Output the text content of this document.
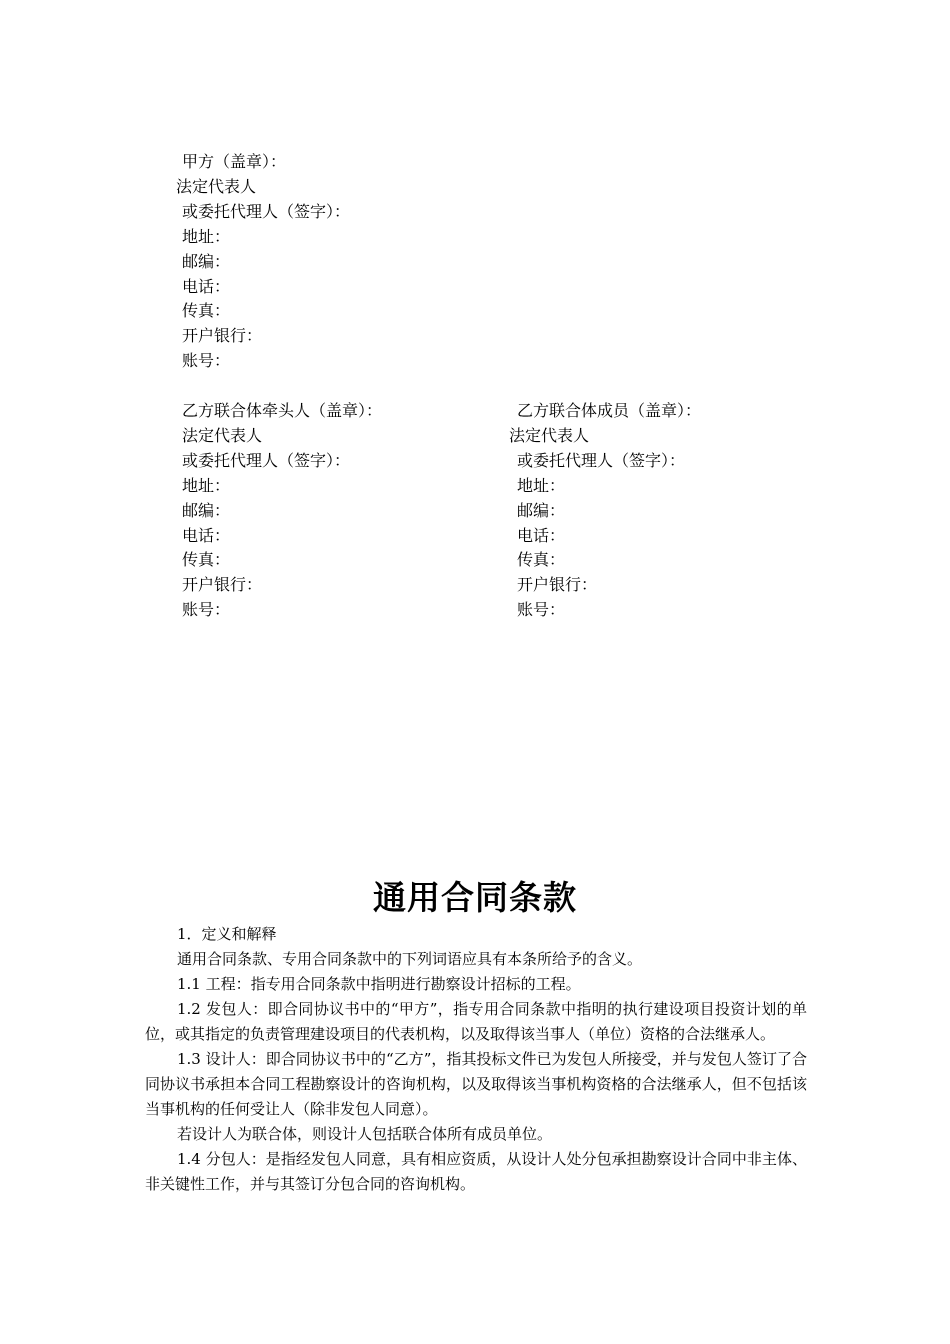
甲方（盖章）：
法定代表人
或委托代理人（签字）：
地址：
邮编：
电话：
传真：
开户银行：
账号：
乙方联合体牵头人（盖章）：
法定代表人
或委托代理人（签字）：
地址：
邮编：
电话：
传真：
开户银行：
账号：
乙方联合体成员（盖章）：
法定代表人
或委托代理人（签字）：
地址：
邮编：
电话：
传真：
开户银行：
账号：
通用合同条款

1．定义和解释

通用合同条款、专用合同条款中的下列词语应具有本条所给予的含义。

1.1 工程：指专用合同条款中指明进行勘察设计招标的工程。

1.2 发包人：即合同协议书中的“甲方”，指专用合同条款中指明的执行建设项目投资计划的单位，或其指定的负责管理建设项目的代表机构，以及取得该当事人（单位）资格的合法继承人。

1.3 设计人：即合同协议书中的“乙方”，指其投标文件已为发包人所接受，并与发包人签订了合同协议书承担本合同工程勘察设计的咨询机构，以及取得该当事机构资格的合法继承人，但不包括该当事机构的任何受让人（除非发包人同意）。

若设计人为联合体，则设计人包括联合体所有成员单位。

1.4 分包人：是指经发包人同意，具有相应资质，从设计人处分包承担勘察设计合同中非主体、非关键性工作，并与其签订分包合同的咨询机构。
